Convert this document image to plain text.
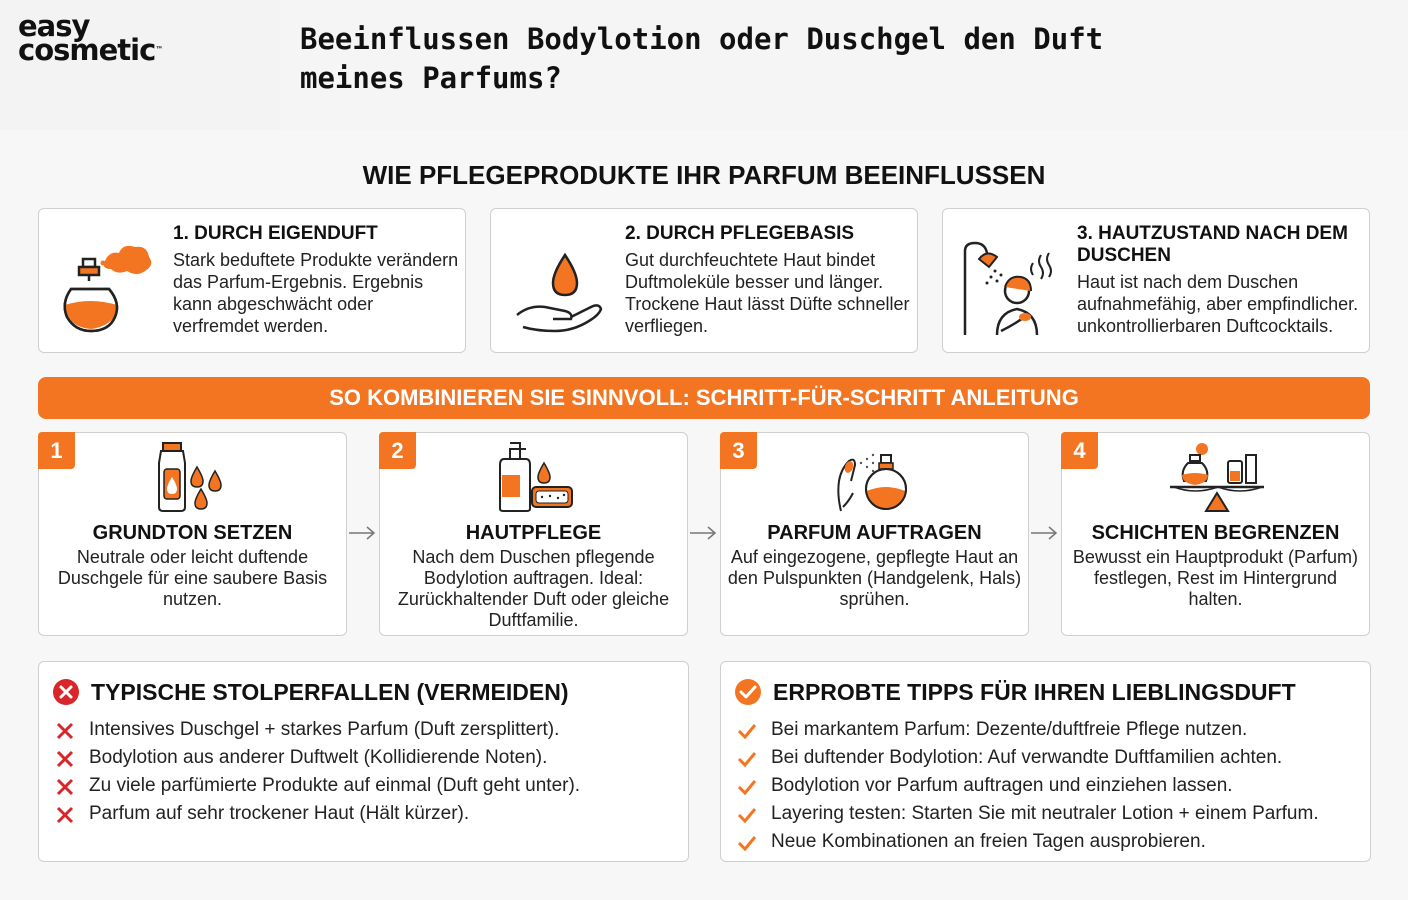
easy
cosmetic™	Beeinflussen Bodylotion oder Duschgel den Duft meines Parfums?
WIE PFLEGEPRODUKTE IHR PARFUM BEEINFLUSSEN
1. DURCH EIGENDUFT
Stark beduftete Produkte verändern das Parfum-Ergebnis. Ergebnis kann abgeschwächt oder verfremdet werden.
2. DURCH PFLEGEBASIS
Gut durchfeuchtete Haut bindet Duftmoleküle besser und länger. Trockene Haut lässt Düfte schneller verfliegen.
3. HAUTZUSTAND NACH DEM DUSCHEN
Haut ist nach dem Duschen aufnahmefähig, aber empfindlicher. unkontrollierbaren Duftcocktails.
SO KOMBINIEREN SIE SINNVOLL: SCHRITT-FÜR-SCHRITT ANLEITUNG
1
GRUNDTON SETZEN
Neutrale oder leicht duftende Duschgele für eine saubere Basis nutzen.
2
HAUTPFLEGE
Nach dem Duschen pflegende Bodylotion auftragen. Ideal: Zurückhaltender Duft oder gleiche Duftfamilie.
3
PARFUM AUFTRAGEN
Auf eingezogene, gepflegte Haut an den Pulspunkten (Handgelenk, Hals) sprühen.
4
SCHICHTEN BEGRENZEN
Bewusst ein Hauptprodukt (Parfum) festlegen, Rest im Hintergrund halten.
TYPISCHE STOLPERFALLEN (VERMEIDEN)
Intensives Duschgel + starkes Parfum (Duft zersplittert).
Bodylotion aus anderer Duftwelt (Kollidierende Noten).
Zu viele parfümierte Produkte auf einmal (Duft geht unter).
Parfum auf sehr trockener Haut (Hält kürzer).
ERPROBTE TIPPS FÜR IHREN LIEBLINGSDUFT
Bei markantem Parfum: Dezente/duftfreie Pflege nutzen.
Bei duftender Bodylotion: Auf verwandte Duftfamilien achten.
Bodylotion vor Parfum auftragen und einziehen lassen.
Layering testen: Starten Sie mit neutraler Lotion + einem Parfum.
Neue Kombinationen an freien Tagen ausprobieren.
